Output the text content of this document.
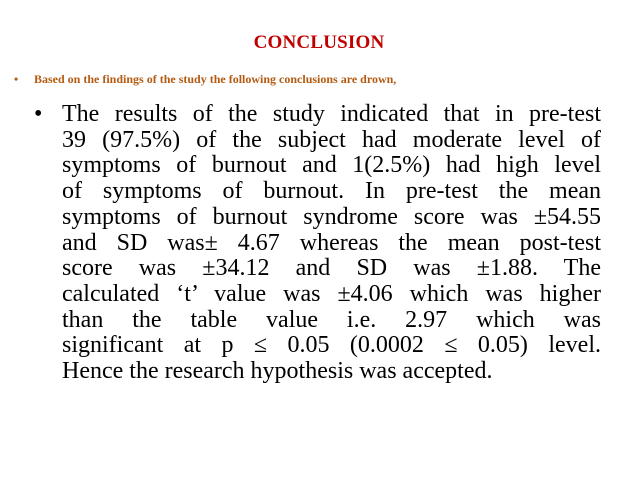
CONCLUSION
• Based on the findings of the study the following conclusions are drown,
• The results of the study indicated that in pre-test
39 (97.5%) of the subject had moderate level of
symptoms of burnout and 1(2.5%) had high level
of symptoms of burnout. In pre-test the mean
symptoms of burnout syndrome score was ±54.55
and SD was± 4.67 whereas the mean post-test
score was ±34.12 and SD was ±1.88. The
calculated ‘t’ value was ±4.06 which was higher
than the table value i.e. 2.97 which was
significant at p ≤ 0.05 (0.0002 ≤ 0.05) level.
Hence the research hypothesis was accepted.
